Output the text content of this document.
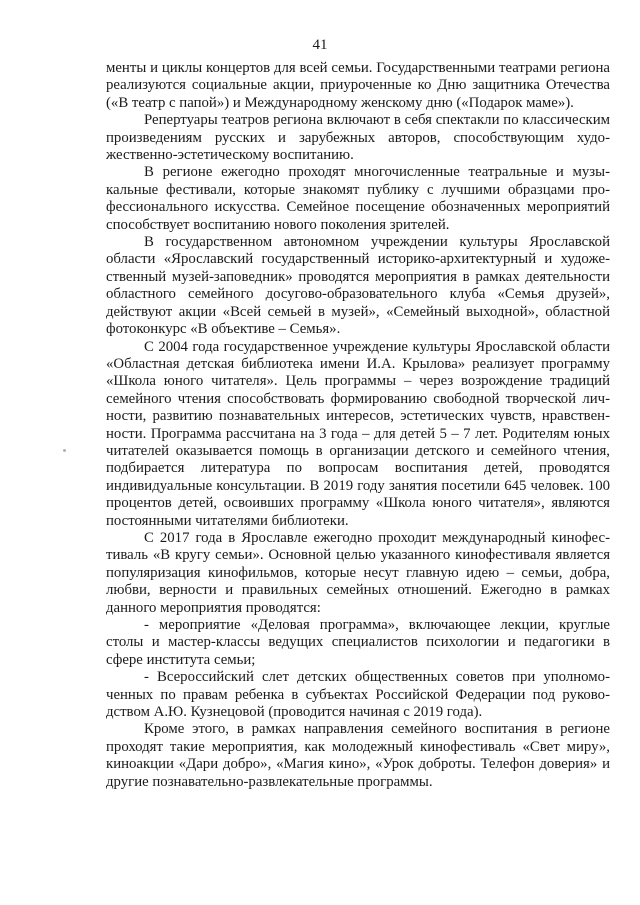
41

менты и циклы концертов для всей семьи. Государственными театрами региона реализуются социальные акции, приуроченные ко Дню защитника Отечества («В театр с папой») и Международному женскому дню («Подарок маме»).

Репертуары театров региона включают в себя спектакли по классическим произведениям русских и зарубежных авторов, способствующим художественно-эстетическому воспитанию.

В регионе ежегодно проходят многочисленные театральные и музыкальные фестивали, которые знакомят публику с лучшими образцами профессионального искусства. Семейное посещение обозначенных мероприятий способствует воспитанию нового поколения зрителей.

В государственном автономном учреждении культуры Ярославской области «Ярославский государственный историко-архитектурный и художественный музей-заповедник» проводятся мероприятия в рамках деятельности областного семейного досугово-образовательного клуба «Семья друзей», действуют акции «Всей семьей в музей», «Семейный выходной», областной фотоконкурс «В объективе – Семья».

С 2004 года государственное учреждение культуры Ярославской области «Областная детская библиотека имени И.А. Крылова» реализует программу «Школа юного читателя». Цель программы – через возрождение традиций семейного чтения способствовать формированию свободной творческой личности, развитию познавательных интересов, эстетических чувств, нравственности. Программа рассчитана на 3 года – для детей 5 – 7 лет. Родителям юных читателей оказывается помощь в организации детского и семейного чтения, подбирается литература по вопросам воспитания детей, проводятся индивидуальные консультации. В 2019 году занятия посетили 645 человек. 100 процентов детей, освоивших программу «Школа юного читателя», являются постоянными читателями библиотеки.

С 2017 года в Ярославле ежегодно проходит международный кинофестиваль «В кругу семьи». Основной целью указанного кинофестиваля является популяризация кинофильмов, которые несут главную идею – семьи, добра, любви, верности и правильных семейных отношений. Ежегодно в рамках данного мероприятия проводятся:

- мероприятие «Деловая программа», включающее лекции, круглые столы и мастер-классы ведущих специалистов психологии и педагогики в сфере института семьи;

- Всероссийский слет детских общественных советов при уполномоченных по правам ребенка в субъектах Российской Федерации под руководством А.Ю. Кузнецовой (проводится начиная с 2019 года).

Кроме этого, в рамках направления семейного воспитания в регионе проходят такие мероприятия, как молодежный кинофестиваль «Свет миру», киноакции «Дари добро», «Магия кино», «Урок доброты. Телефон доверия» и другие познавательно-развлекательные программы.
